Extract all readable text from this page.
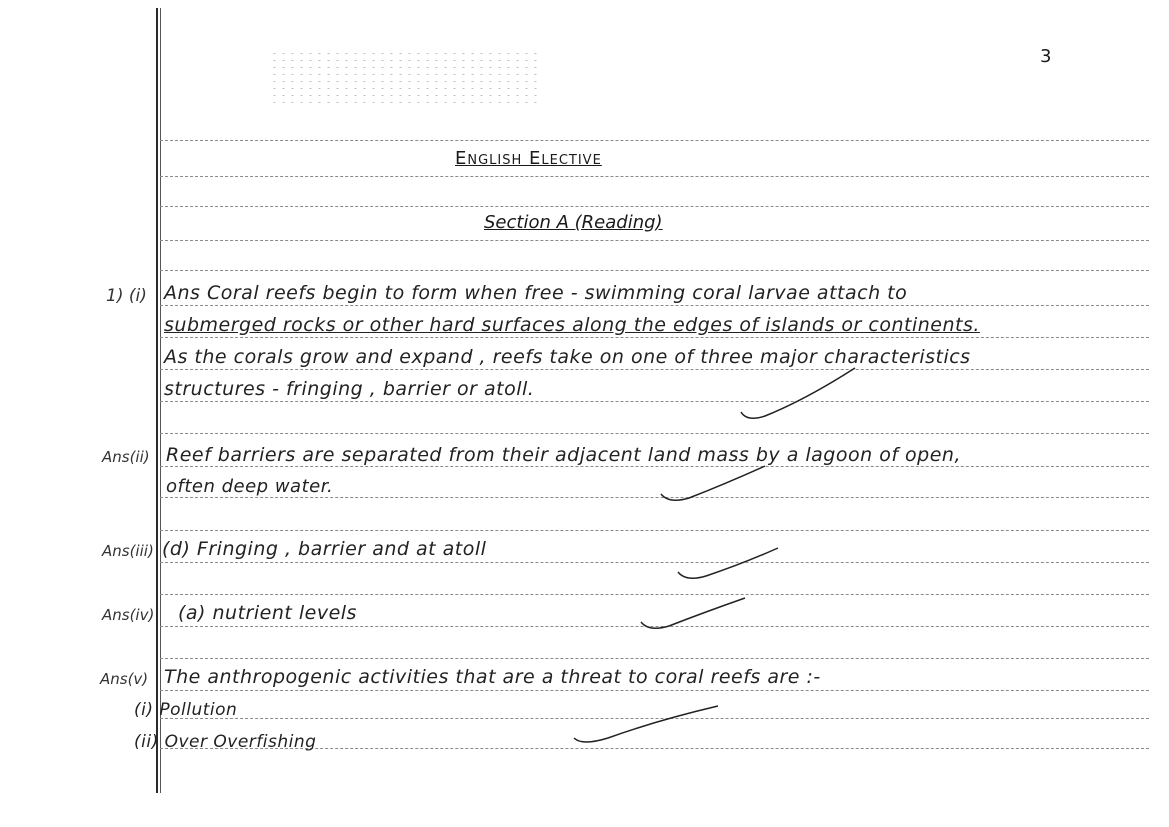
3
English Elective
Section A (Reading)
1) (i) Ans Coral reefs begin to form when free - swimming coral larvae attach to
submerged rocks or other hard surfaces along the edges of islands or continents.
As the corals grow and expand , reefs take on one of three major characteristics
structures - fringing , barrier or atoll.
Ans(ii) Reef barriers are separated from their adjacent land mass by a lagoon of open,
often deep water.
Ans(iii) (d) Fringing , barrier and at atoll
Ans(iv) (a) nutrient levels
Ans(v) The anthropogenic activities that are a threat to coral reefs are :-
(i) Pollution
(ii) Over Overfishing
